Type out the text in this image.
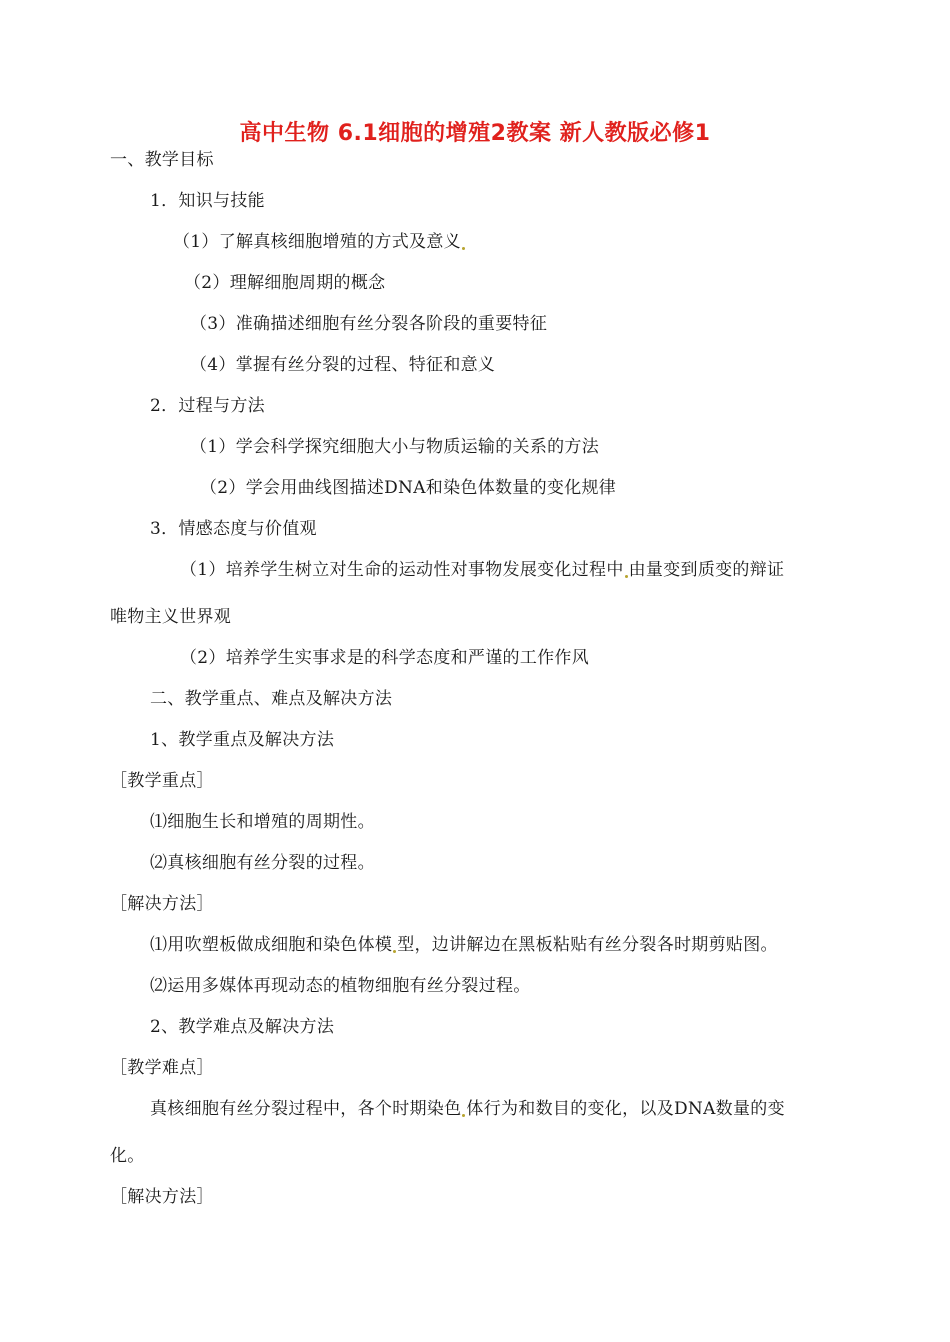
高中生物 6.1细胞的增殖2教案 新人教版必修1
一、教学目标
1．知识与技能
（1）了解真核细胞增殖的方式及意义
（2）理解细胞周期的概念
（3）准确描述细胞有丝分裂各阶段的重要特征
（4）掌握有丝分裂的过程、特征和意义
2．过程与方法
（1）学会科学探究细胞大小与物质运输的关系的方法
（2）学会用曲线图描述DNA和染色体数量的变化规律
3．情感态度与价值观
（1）培养学生树立对生命的运动性对事物发展变化过程中 由量变到质变的辩证
唯物主义世界观
（2）培养学生实事求是的科学态度和严谨的工作作风
二、教学重点、难点及解决方法
1、教学重点及解决方法
［教学重点］
⑴细胞生长和增殖的周期性。
⑵真核细胞有丝分裂的过程。
［解决方法］
⑴用吹塑板做成细胞和染色体模 型，边讲解边在黑板粘贴有丝分裂各时期剪贴图。
⑵运用多媒体再现动态的植物细胞有丝分裂过程。
2、教学难点及解决方法
［教学难点］
真核细胞有丝分裂过程中，各个时期染色 体行为和数目的变化，以及DNA数量的变
化。
［解决方法］
